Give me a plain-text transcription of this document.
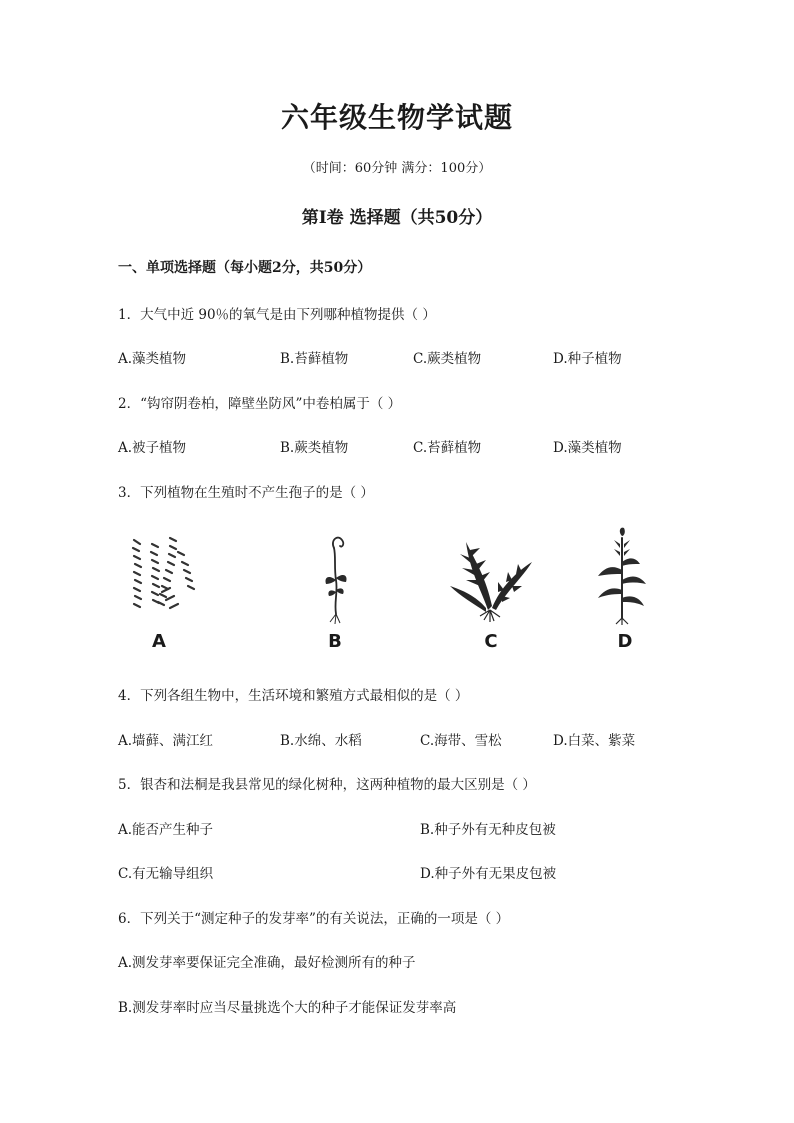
六年级生物学试题
（时间：60分钟 满分：100分）
第Ⅰ卷 选择题（共50分）
一、单项选择题（每小题2分，共50分）
1．大气中近 90％的氧气是由下列哪种植物提供（ ）
A.藻类植物	B.苔藓植物	C.蕨类植物	D.种子植物
2．“钩帘阴卷柏，障壁坐防风”中卷柏属于（ ）
A.被子植物	B.蕨类植物	C.苔藓植物	D.藻类植物
3．下列植物在生殖时不产生孢子的是（ ）
A	B	C	D
4．下列各组生物中，生活环境和繁殖方式最相似的是（ ）
A.墙藓、满江红	B.水绵、水稻	C.海带、雪松	D.白菜、紫菜
5．银杏和法桐是我县常见的绿化树种，这两种植物的最大区别是（ ）
A.能否产生种子	B.种子外有无种皮包被
C.有无输导组织	D.种子外有无果皮包被
6．下列关于“测定种子的发芽率”的有关说法，正确的一项是（ ）
A.测发芽率要保证完全准确，最好检测所有的种子
B.测发芽率时应当尽量挑选个大的种子才能保证发芽率高
